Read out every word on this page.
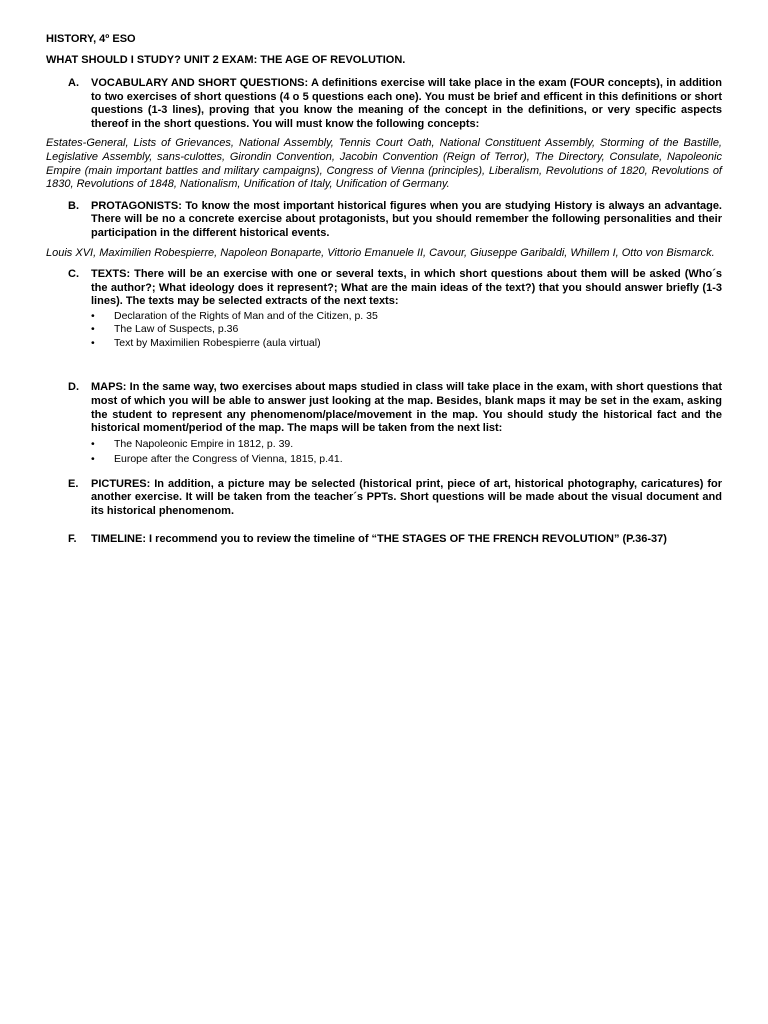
HISTORY, 4º ESO

WHAT SHOULD I STUDY? UNIT 2 EXAM: THE AGE OF REVOLUTION.

A.	VOCABULARY AND SHORT QUESTIONS: A definitions exercise will take place in the exam (FOUR concepts), in addition to two exercises of short questions (4 o 5 questions each one). You must be brief and efficent in this definitions or short questions (1-3 lines), proving that you know the meaning of the concept in the definitions, or very specific aspects thereof in the short questions. You will must know the following concepts:

Estates-General, Lists of Grievances, National Assembly, Tennis Court Oath, National Constituent Assembly, Storming of the Bastille, Legislative Assembly, sans-culottes, Girondin Convention, Jacobin Convention (Reign of Terror), The Directory, Consulate, Napoleonic Empire (main important battles and military campaigns), Congress of Vienna (principles), Liberalism, Revolutions of 1820, Revolutions of 1830, Revolutions of 1848, Nationalism, Unification of Italy, Unification of Germany.

B.	PROTAGONISTS: To know the most important historical figures when you are studying History is always an advantage. There will be no a concrete exercise about protagonists, but you should remember the following personalities and their participation in the different historical events.

Louis XVI, Maximilien Robespierre, Napoleon Bonaparte, Vittorio Emanuele II, Cavour, Giuseppe Garibaldi, Whillem I, Otto von Bismarck.

C.	TEXTS: There will be an exercise with one or several texts, in which short questions about them will be asked (Who´s the author?; What ideology does it represent?; What are the main ideas of the text?) that you should answer briefly (1-3 lines). The texts may be selected extracts of the next texts:
•	Declaration of the Rights of Man and of the Citizen, p. 35
•	The Law of Suspects, p.36
•	Text by Maximilien Robespierre (aula virtual)
D.	MAPS: In the same way, two exercises about maps studied in class will take place in the exam, with short questions that most of which you will be able to answer just looking at the map. Besides, blank maps it may be set in the exam, asking the student to represent any phenomenom/place/movement in the map. You should study the historical fact and the historical moment/period of the map. The maps will be taken from the next list:
•	The Napoleonic Empire in 1812, p. 39.
•	Europe after the Congress of Vienna, 1815, p.41.
E.	PICTURES: In addition, a picture may be selected (historical print, piece of art, historical photography, caricatures) for another exercise. It will be taken from the teacher´s PPTs. Short questions will be made about the visual document and its historical phenomenom.
F.	TIMELINE: I recommend you to review the timeline of “THE STAGES OF THE FRENCH REVOLUTION” (P.36-37)
